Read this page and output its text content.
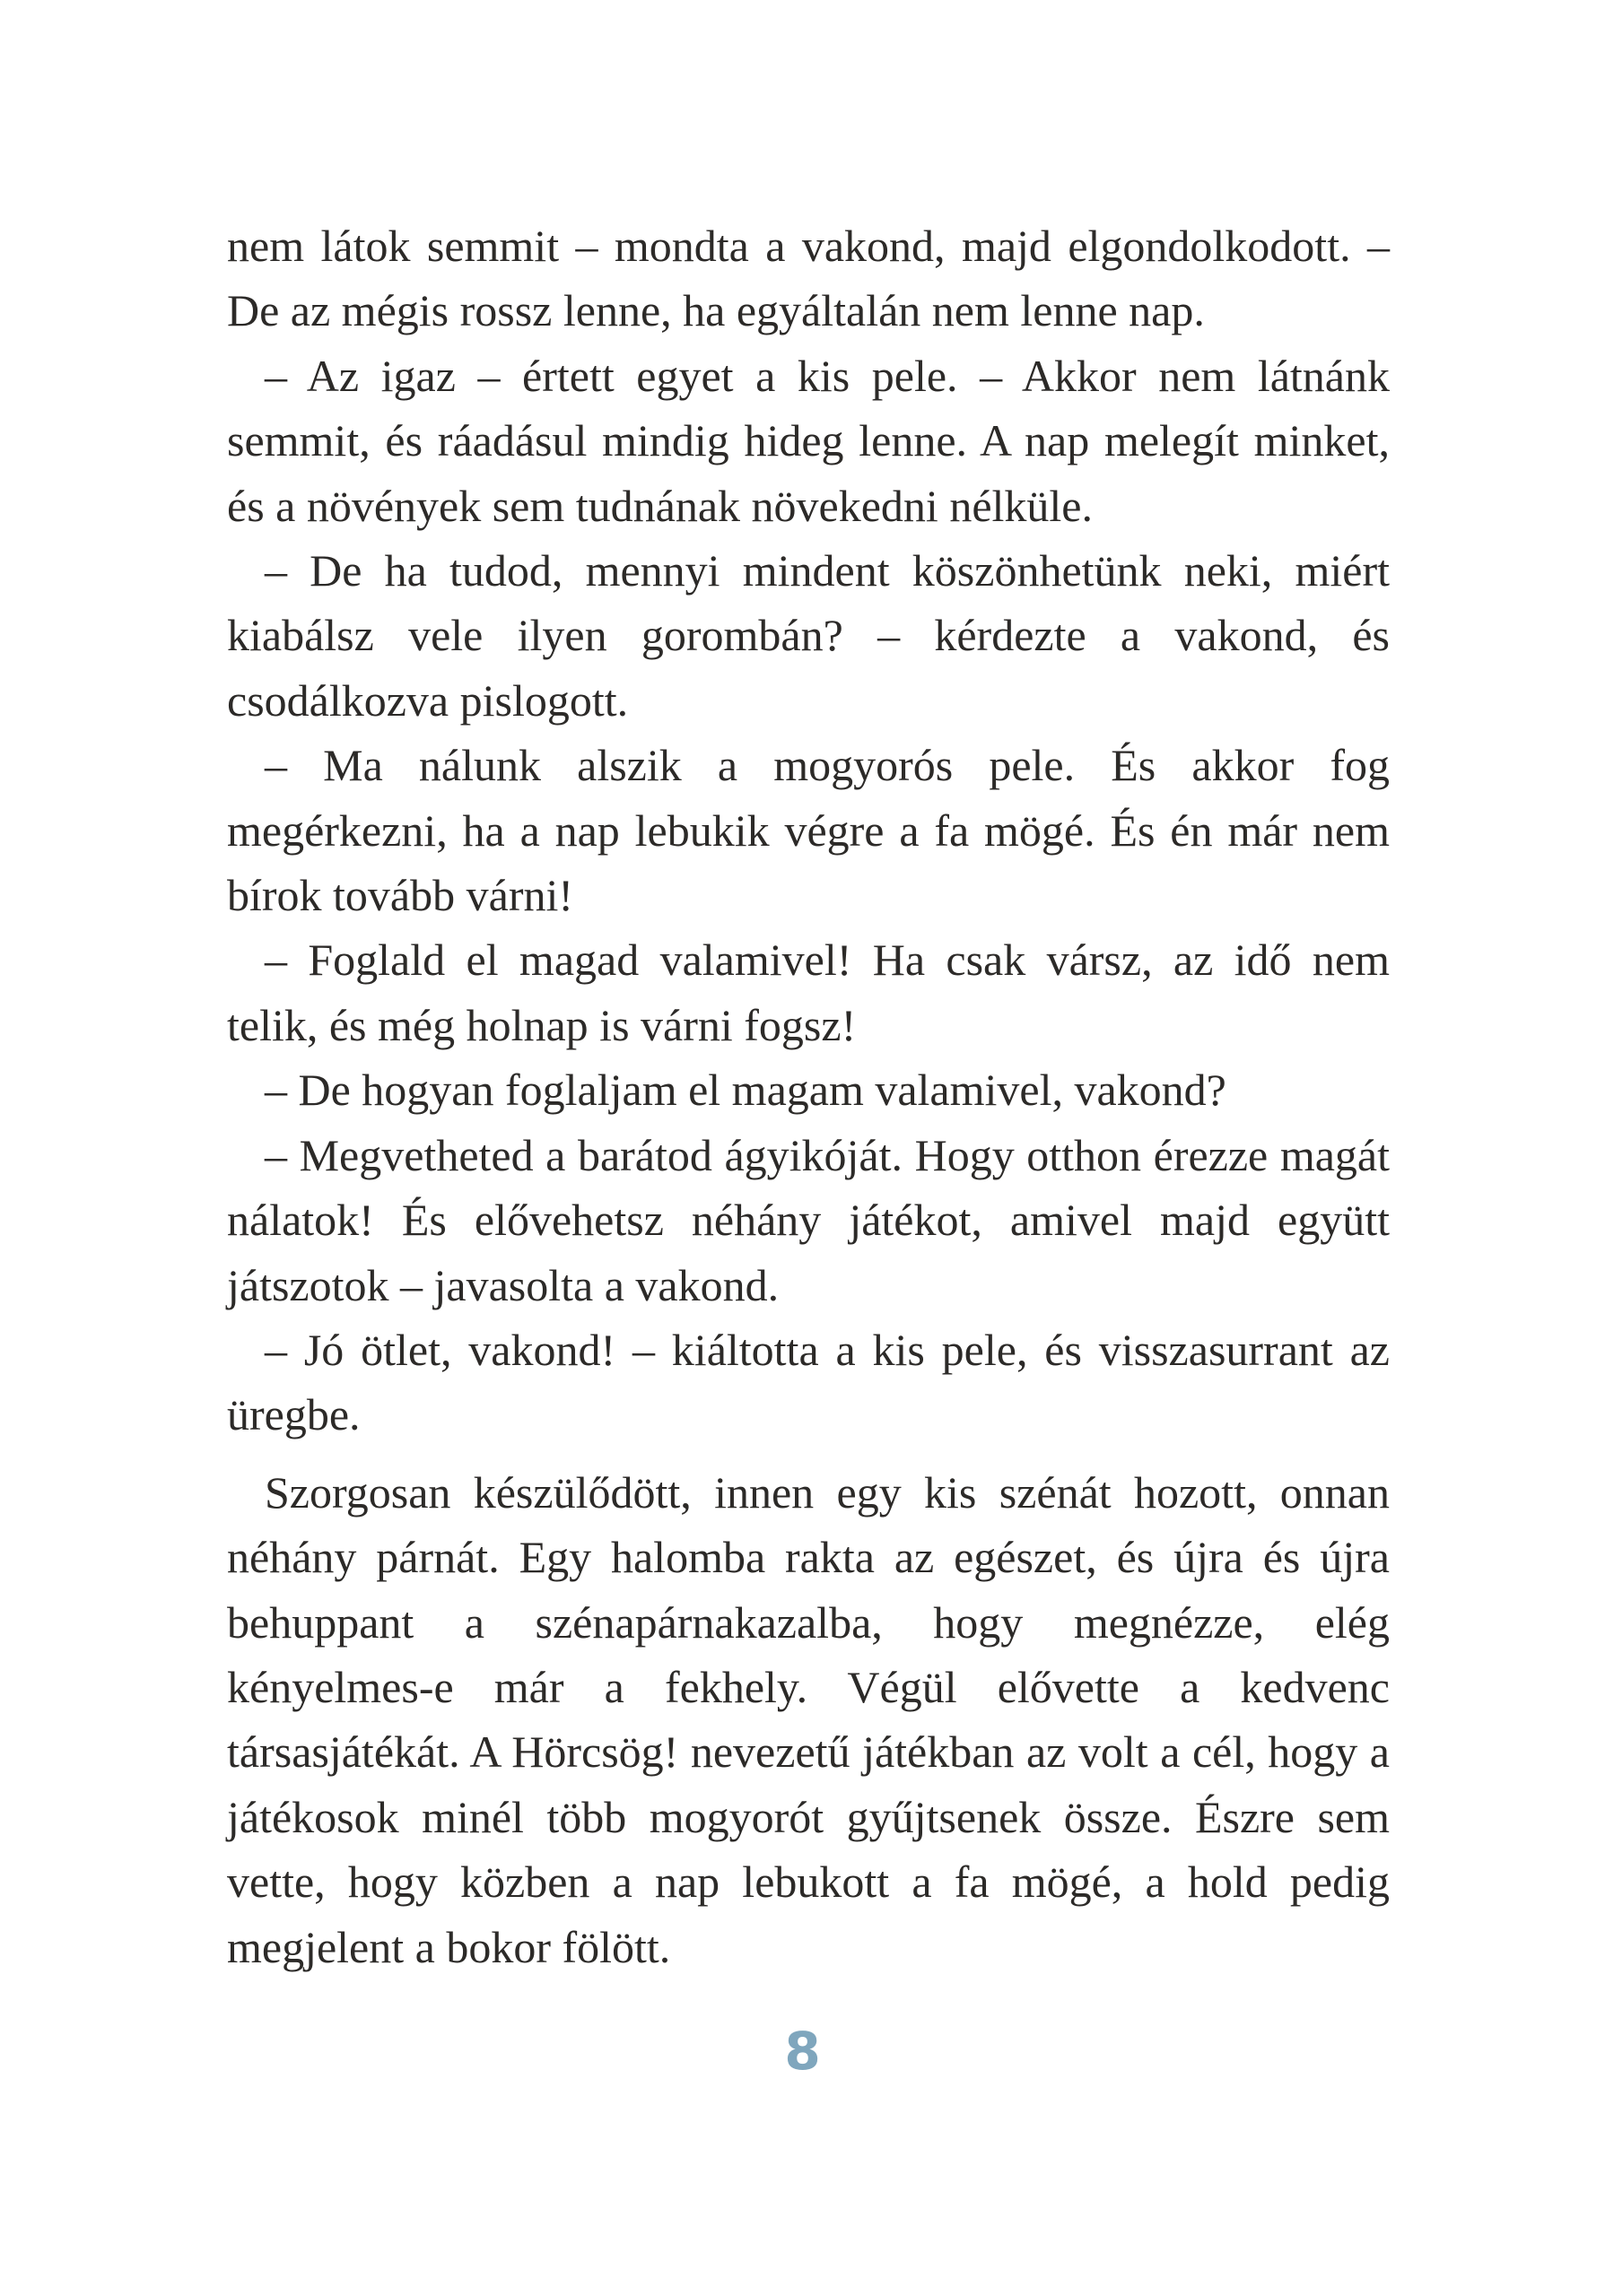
nem látok semmit – mondta a vakond, majd elgondolkodott. – De az mégis rossz lenne, ha egyáltalán nem lenne nap.

– Az igaz – értett egyet a kis pele. – Akkor nem látnánk semmit, és ráadásul mindig hideg lenne. A nap melegít minket, és a növények sem tudnának növekedni nélküle.

– De ha tudod, mennyi mindent köszönhetünk neki, miért kiabálsz vele ilyen gorombán? – kérdezte a vakond, és csodálkozva pislogott.

– Ma nálunk alszik a mogyorós pele. És akkor fog megérkezni, ha a nap lebukik végre a fa mögé. És én már nem bírok tovább várni!

– Foglald el magad valamivel! Ha csak vársz, az idő nem telik, és még holnap is várni fogsz!

– De hogyan foglaljam el magam valamivel, vakond?

– Megvetheted a barátod ágyikóját. Hogy otthon érezze magát nálatok! És elővehetsz néhány játékot, amivel majd együtt játszotok – javasolta a vakond.

– Jó ötlet, vakond! – kiáltotta a kis pele, és visszasurrant az üregbe.

Szorgosan készülődött, innen egy kis szénát hozott, onnan néhány párnát. Egy halomba rakta az egészet, és újra és újra behuppant a szénapárnakazalba, hogy megnézze, elég kényelmes-e már a fekhely. Végül elővette a kedvenc társasjátékát. A Hörcsög! nevezetű játékban az volt a cél, hogy a játékosok minél több mogyorót gyűjtsenek össze. Észre sem vette, hogy közben a nap lebukott a fa mögé, a hold pedig megjelent a bokor fölött.

8
